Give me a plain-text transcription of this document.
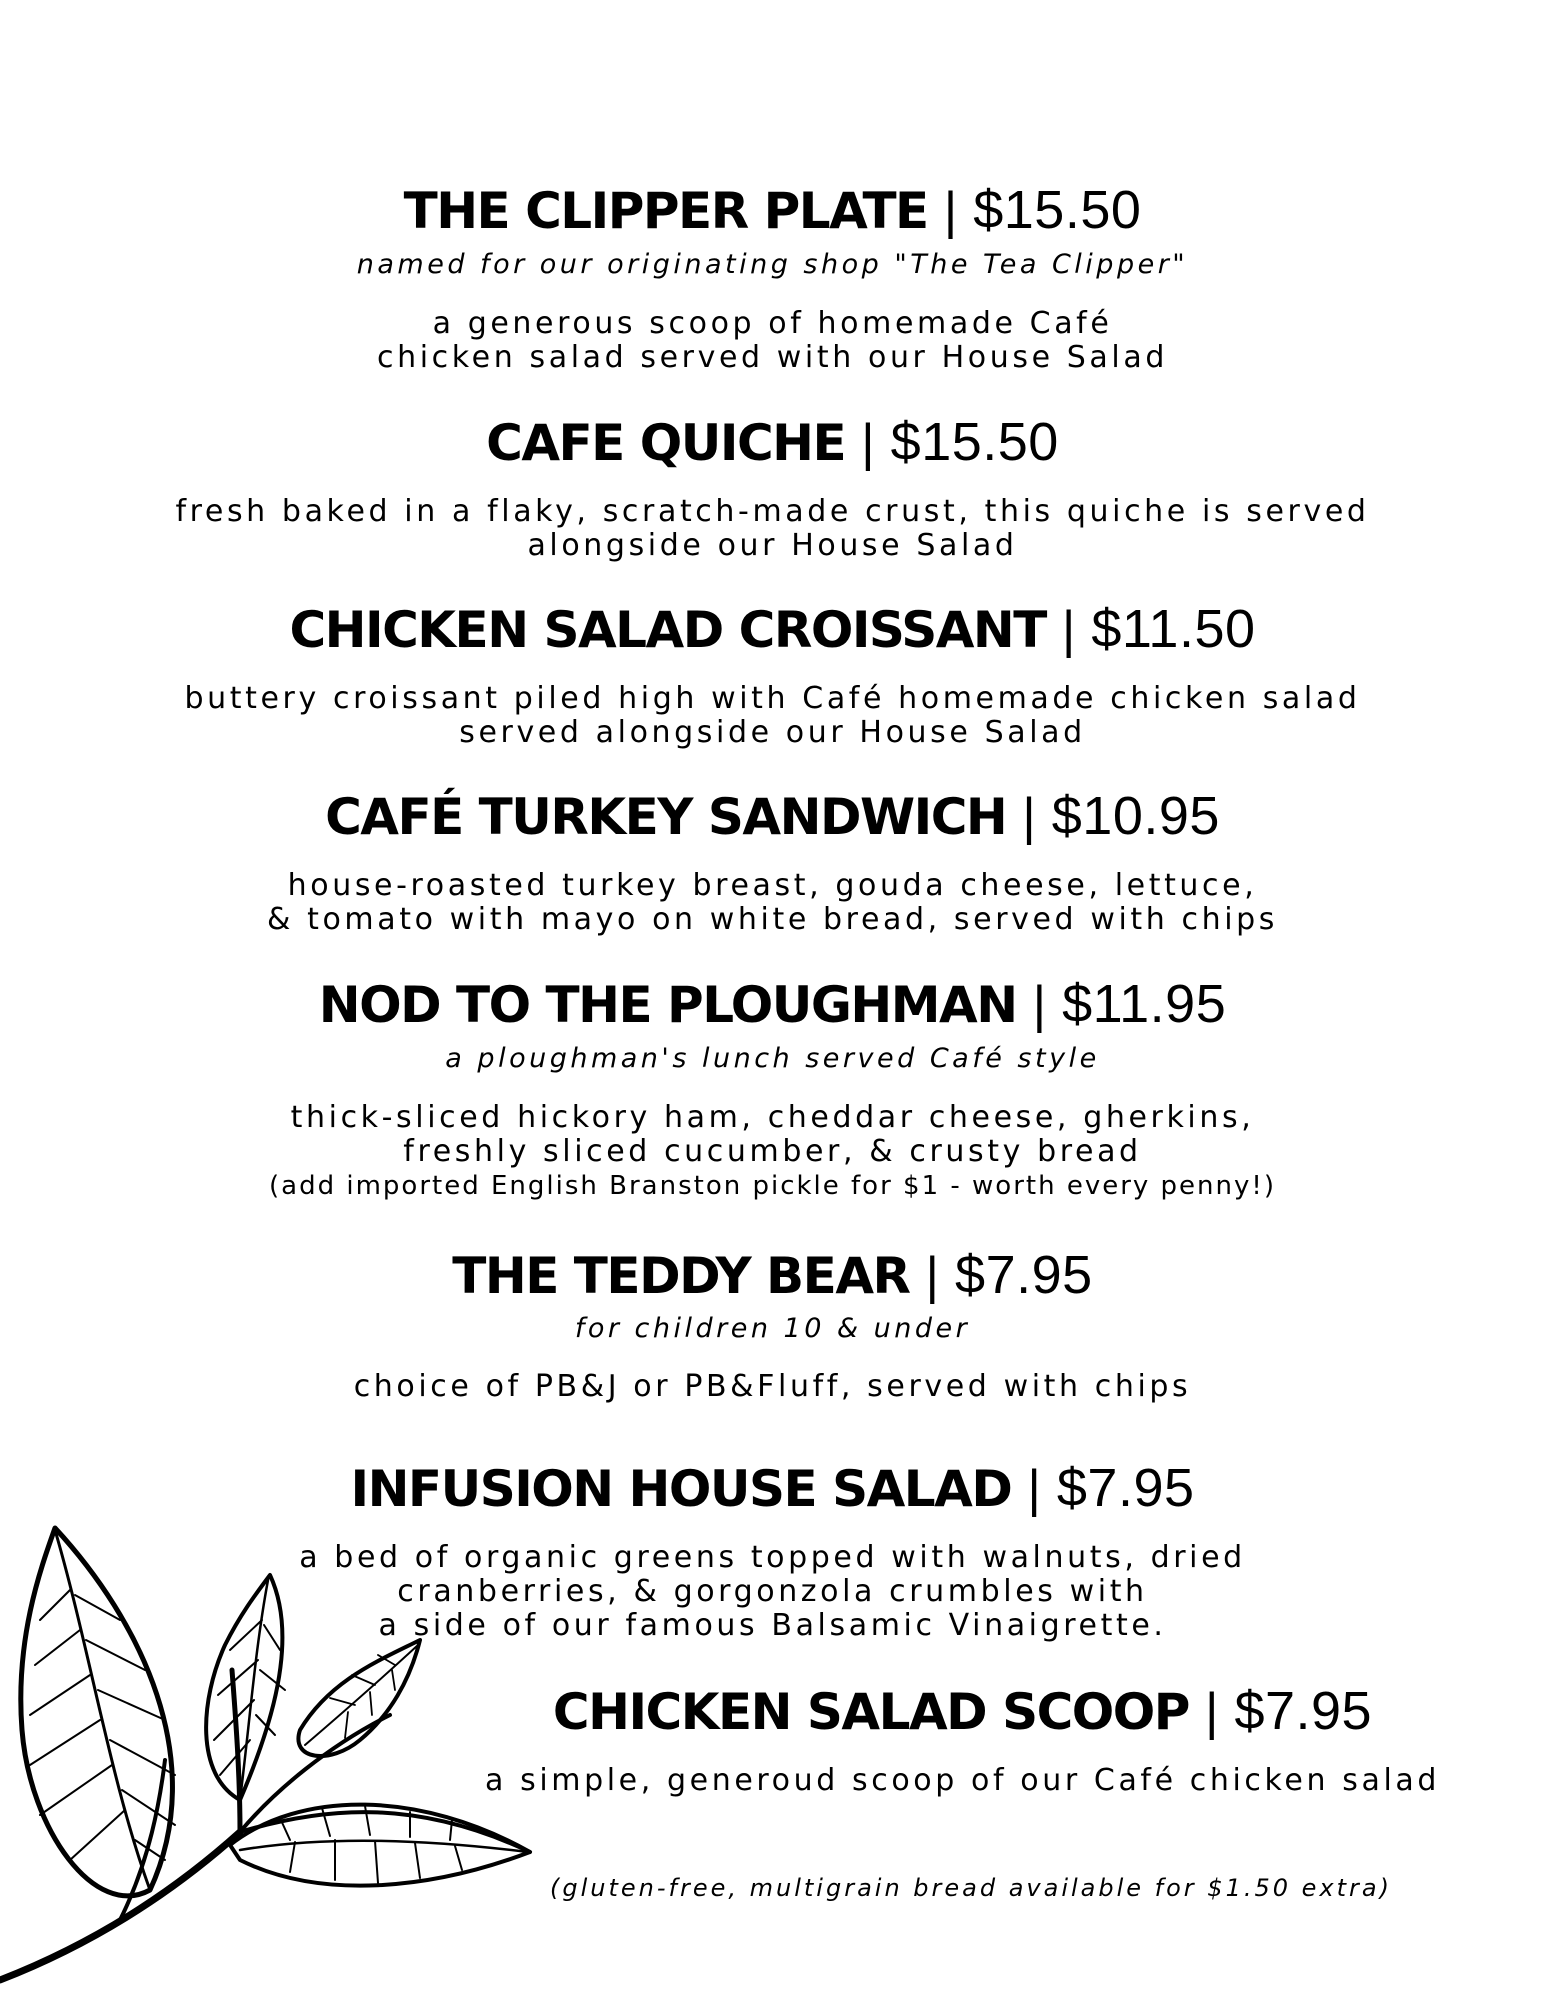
THE CLIPPER PLATE | $15.50

named for our originating shop "The Tea Clipper"

a generous scoop of homemade Café
chicken salad served with our House Salad
CAFE QUICHE | $15.50
fresh baked in a flaky, scratch-made crust, this quiche is served
alongside our House Salad
CHICKEN SALAD CROISSANT | $11.50
buttery croissant piled high with Café homemade chicken salad
served alongside our House Salad
CAFÉ TURKEY SANDWICH | $10.95
house-roasted turkey breast, gouda cheese, lettuce,
& tomato with mayo on white bread, served with chips
NOD TO THE PLOUGHMAN | $11.95

a ploughman's lunch served Café style

thick-sliced hickory ham, cheddar cheese, gherkins,
freshly sliced cucumber, & crusty bread
(add imported English Branston pickle for $1 - worth every penny!)
THE TEDDY BEAR | $7.95

for children 10 & under

choice of PB&J or PB&Fluff, served with chips
INFUSION HOUSE SALAD | $7.95
a bed of organic greens topped with walnuts, dried
cranberries, & gorgonzola crumbles with
a side of our famous Balsamic Vinaigrette.
CHICKEN SALAD SCOOP | $7.95
a simple, generoud scoop of our Café chicken salad

(gluten-free, multigrain bread available for $1.50 extra)
